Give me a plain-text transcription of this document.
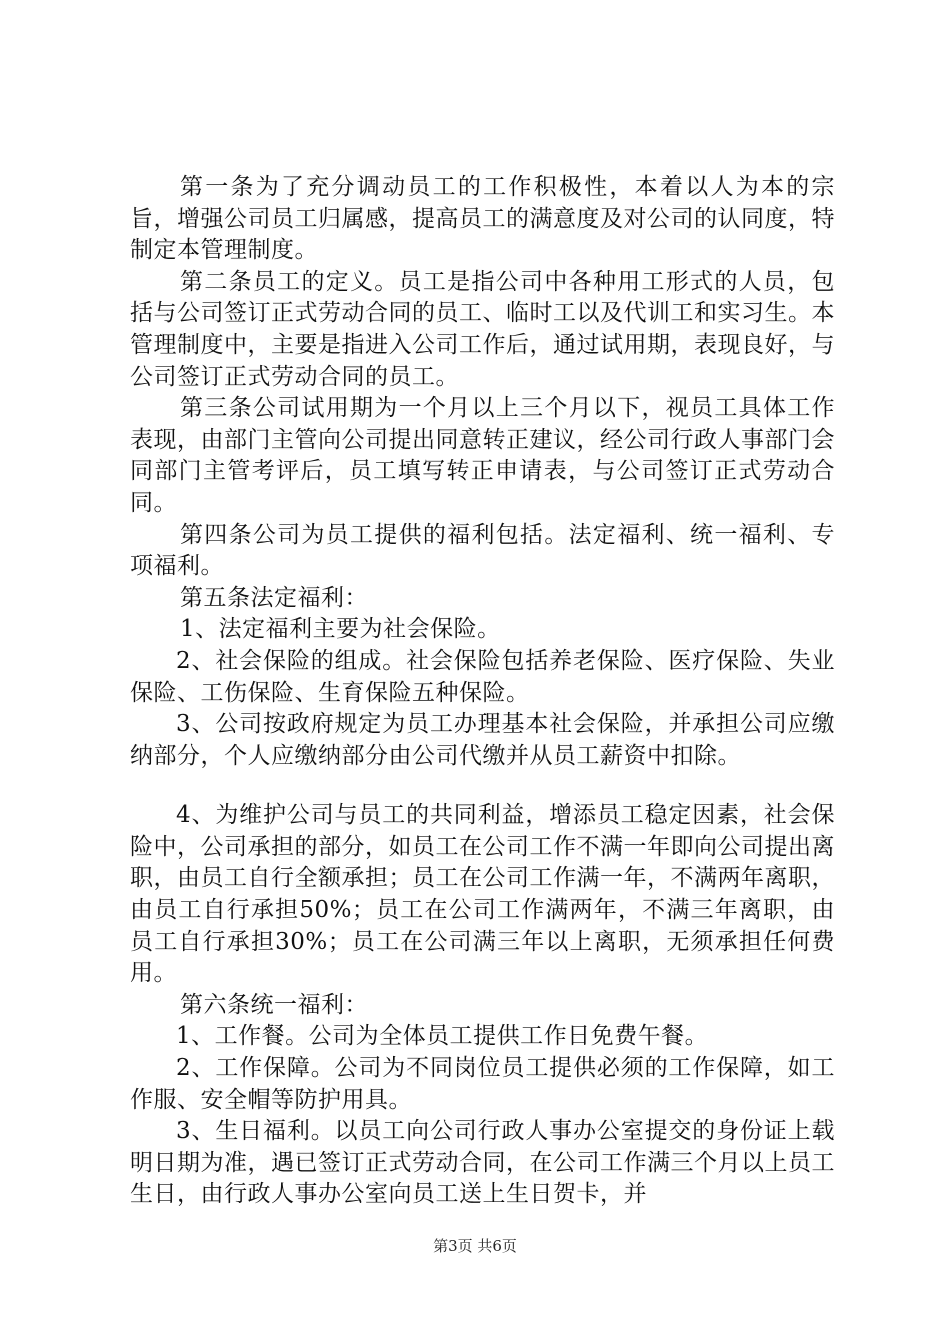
第一条为了充分调动员工的工作积极性，本着以人为本的宗旨，增强公司员工归属感，提高员工的满意度及对公司的认同度，特制定本管理制度。

第二条员工的定义。员工是指公司中各种用工形式的人员，包括与公司签订正式劳动合同的员工、临时工以及代训工和实习生。本管理制度中，主要是指进入公司工作后，通过试用期，表现良好，与公司签订正式劳动合同的员工。

第三条公司试用期为一个月以上三个月以下，视员工具体工作表现，由部门主管向公司提出同意转正建议，经公司行政人事部门会同部门主管考评后，员工填写转正申请表，与公司签订正式劳动合同。

第四条公司为员工提供的福利包括。法定福利、统一福利、专项福利。

第五条法定福利：

1、法定福利主要为社会保险。

2、社会保险的组成。社会保险包括养老保险、医疗保险、失业保险、工伤保险、生育保险五种保险。

3、公司按政府规定为员工办理基本社会保险，并承担公司应缴纳部分，个人应缴纳部分由公司代缴并从员工薪资中扣除。

4、为维护公司与员工的共同利益，增添员工稳定因素，社会保险中，公司承担的部分，如员工在公司工作不满一年即向公司提出离职，由员工自行全额承担；员工在公司工作满一年，不满两年离职，由员工自行承担50%；员工在公司工作满两年，不满三年离职，由员工自行承担30%；员工在公司满三年以上离职，无须承担任何费用。

第六条统一福利：

1、工作餐。公司为全体员工提供工作日免费午餐。

2、工作保障。公司为不同岗位员工提供必须的工作保障，如工作服、安全帽等防护用具。

3、生日福利。以员工向公司行政人事办公室提交的身份证上载明日期为准，遇已签订正式劳动合同，在公司工作满三个月以上员工生日，由行政人事办公室向员工送上生日贺卡，并

第3页 共6页
